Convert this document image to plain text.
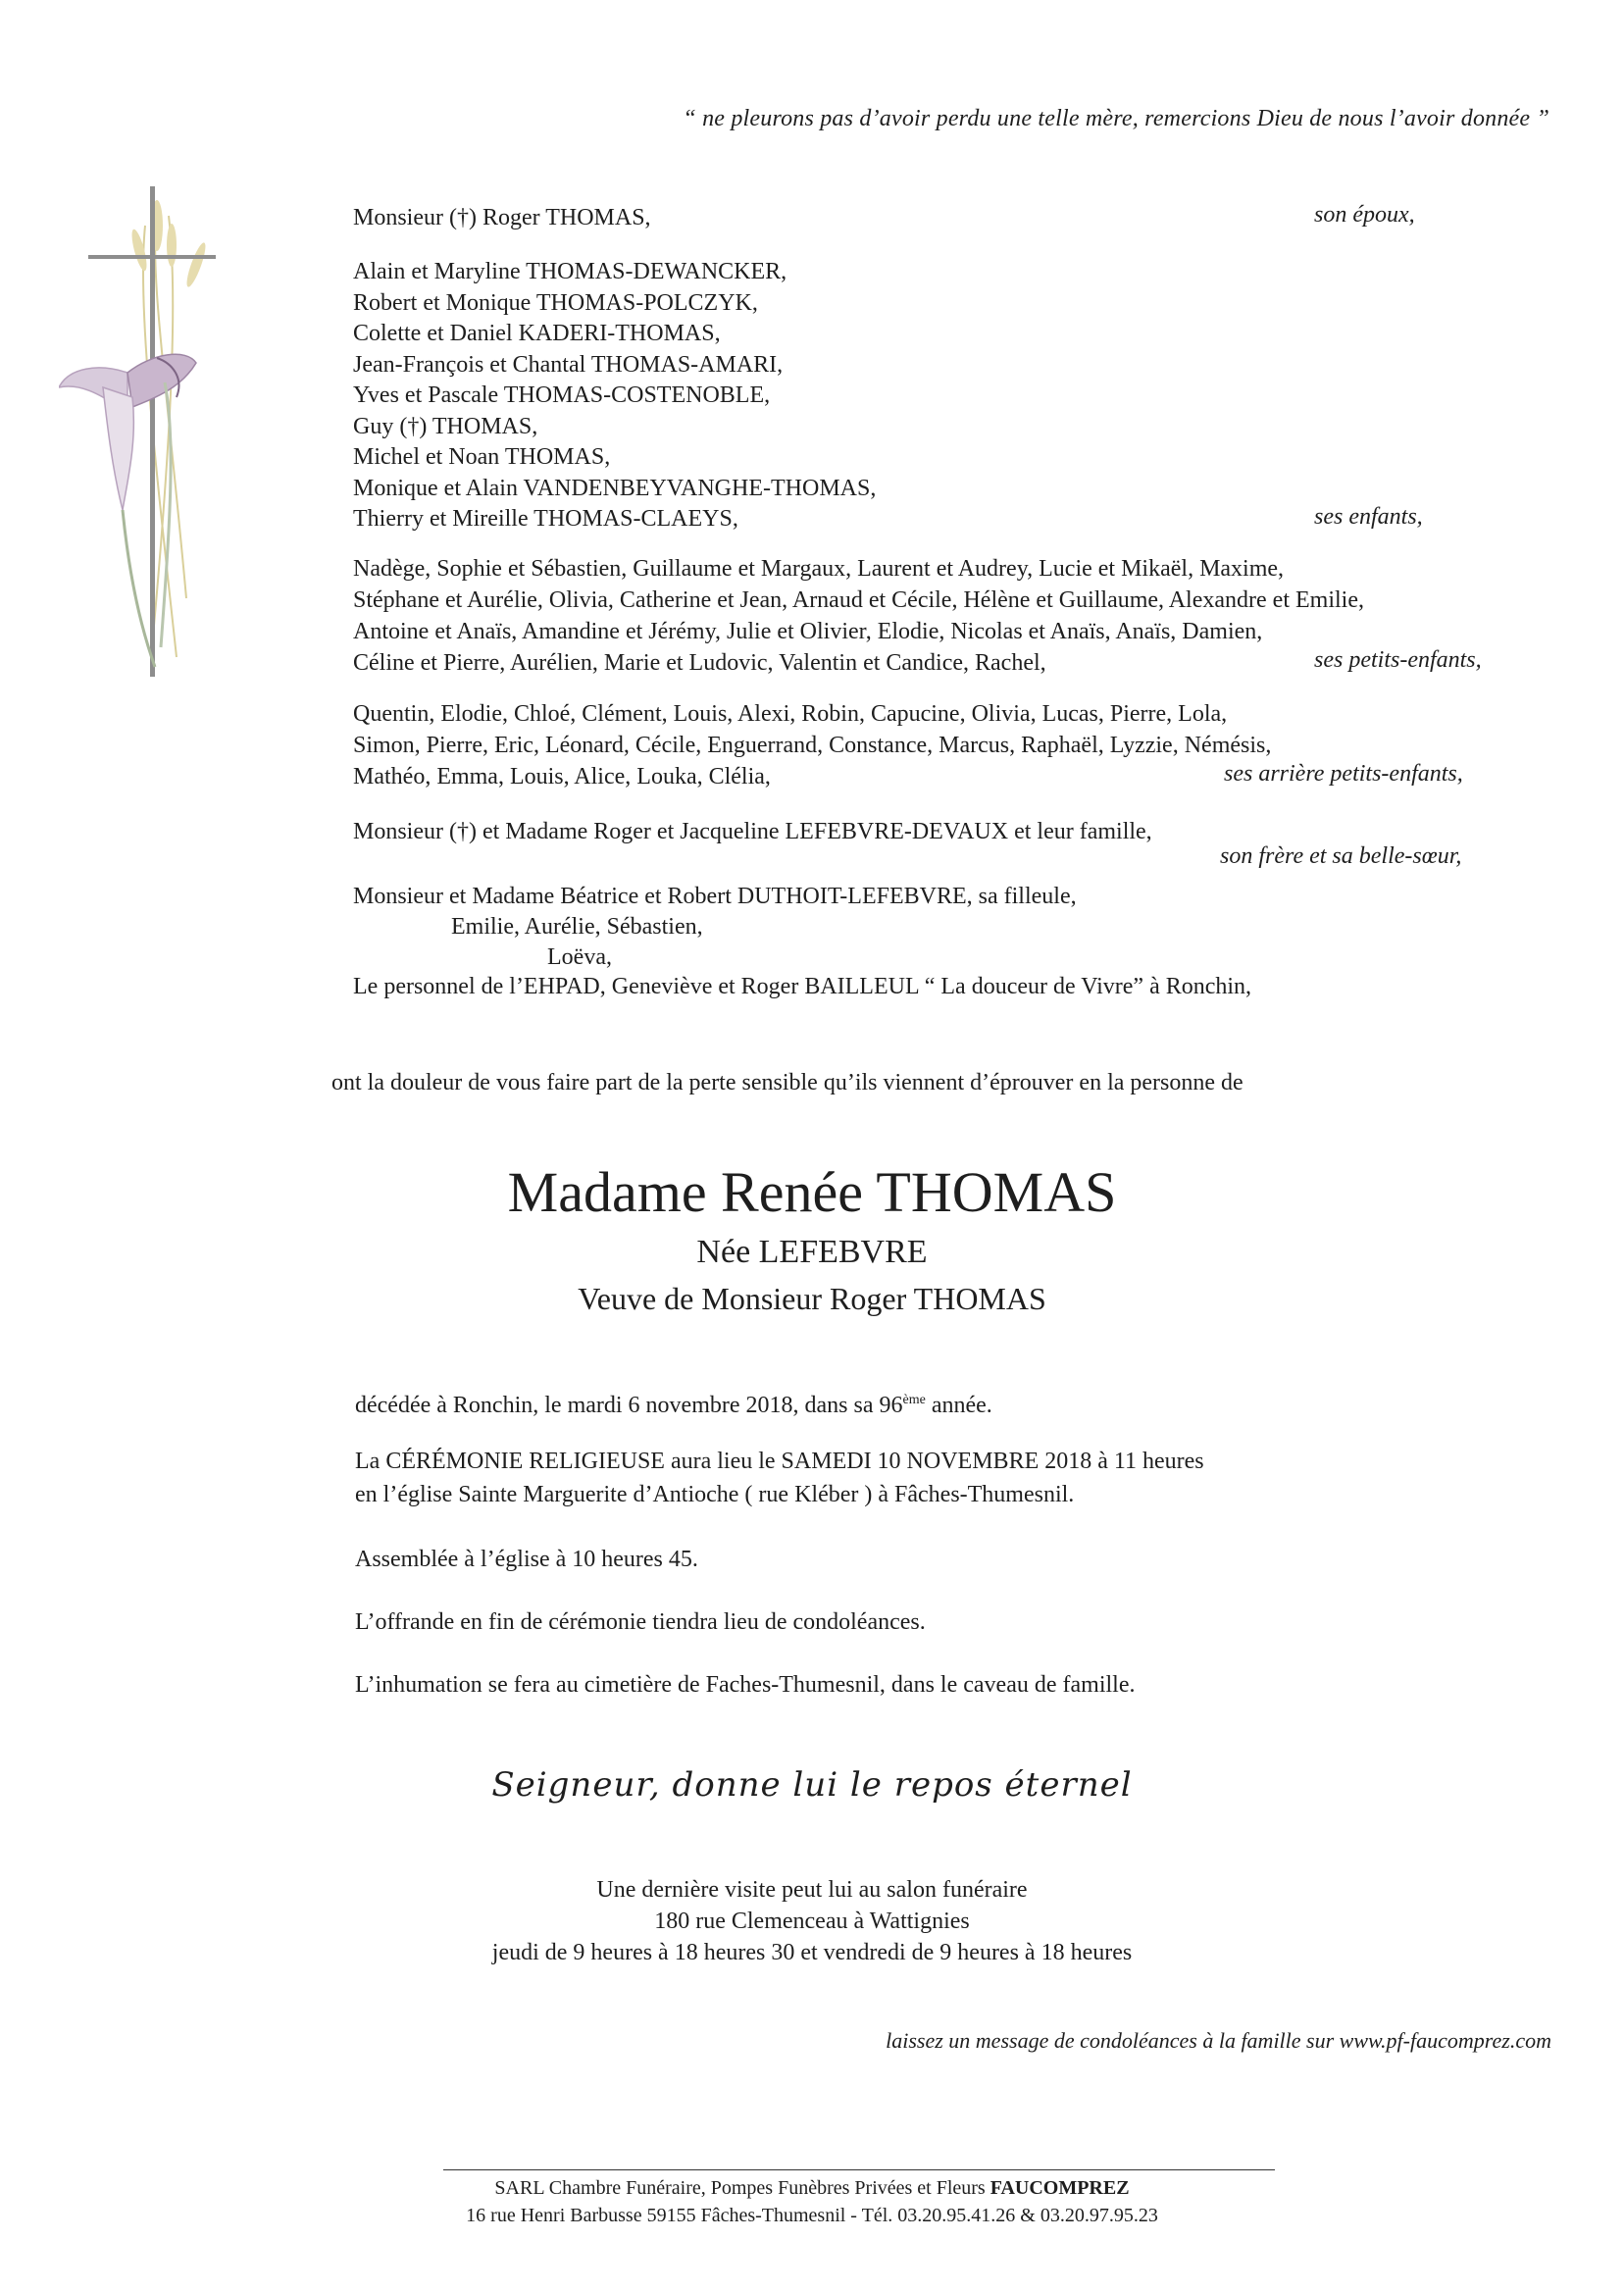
“ ne pleurons pas d’avoir perdu une telle mère, remercions Dieu de nous l’avoir donnée ”
Monsieur (†) Roger THOMAS,	son époux,
Alain et Maryline THOMAS-DEWANCKER,
Robert et Monique THOMAS-POLCZYK,
Colette et Daniel KADERI-THOMAS,
Jean-François et Chantal THOMAS-AMARI,
Yves et Pascale THOMAS-COSTENOBLE,
Guy (†) THOMAS,
Michel et Noan THOMAS,
Monique et Alain VANDENBEYVANGHE-THOMAS,
Thierry et Mireille THOMAS-CLAEYS,	ses enfants,
Nadège, Sophie et Sébastien, Guillaume et Margaux, Laurent et Audrey, Lucie et Mikaël, Maxime,
Stéphane et Aurélie, Olivia, Catherine et Jean, Arnaud et Cécile, Hélène et Guillaume, Alexandre et Emilie,
Antoine et Anaïs, Amandine et Jérémy, Julie et Olivier, Elodie, Nicolas et Anaïs, Anaïs, Damien,
Céline et Pierre, Aurélien, Marie et Ludovic, Valentin et Candice, Rachel,	ses petits-enfants,
Quentin, Elodie, Chloé, Clément, Louis, Alexi, Robin, Capucine, Olivia, Lucas, Pierre, Lola,
Simon, Pierre, Eric, Léonard, Cécile, Enguerrand, Constance, Marcus, Raphaël, Lyzzie, Némésis,
Mathéo, Emma, Louis, Alice, Louka, Clélia,	ses arrière petits-enfants,
Monsieur (†) et Madame Roger et Jacqueline LEFEBVRE-DEVAUX et leur famille,
son frère et sa belle-sœur,
Monsieur et Madame Béatrice et Robert DUTHOIT-LEFEBVRE, sa filleule,
Emilie, Aurélie, Sébastien,
Loëva,
Le personnel de l’EHPAD, Geneviève et Roger BAILLEUL “ La douceur de Vivre” à Ronchin,
ont la douleur de vous faire part de la perte sensible qu’ils viennent d’éprouver en la personne de
Madame Renée THOMAS
Née LEFEBVRE
Veuve de Monsieur Roger THOMAS
décédée à Ronchin, le mardi 6 novembre 2018, dans sa 96ème année.
La CÉRÉMONIE RELIGIEUSE aura lieu le SAMEDI 10 NOVEMBRE 2018 à 11 heures
en l’église Sainte Marguerite d’Antioche ( rue Kléber ) à Fâches-Thumesnil.
Assemblée à l’église à 10 heures 45.
L’offrande en fin de cérémonie tiendra lieu de condoléances.
L’inhumation se fera au cimetière de Faches-Thumesnil, dans le caveau de famille.
Seigneur, donne lui le repos éternel
Une dernière visite peut lui au salon funéraire
180 rue Clemenceau à Wattignies
jeudi de 9 heures à 18 heures 30 et vendredi de 9 heures à 18 heures
laissez un message de condoléances à la famille sur www.pf-faucomprez.com
SARL Chambre Funéraire, Pompes Funèbres Privées et Fleurs FAUCOMPREZ
16 rue Henri Barbusse 59155 Fâches-Thumesnil - Tél. 03.20.95.41.26 & 03.20.97.95.23
